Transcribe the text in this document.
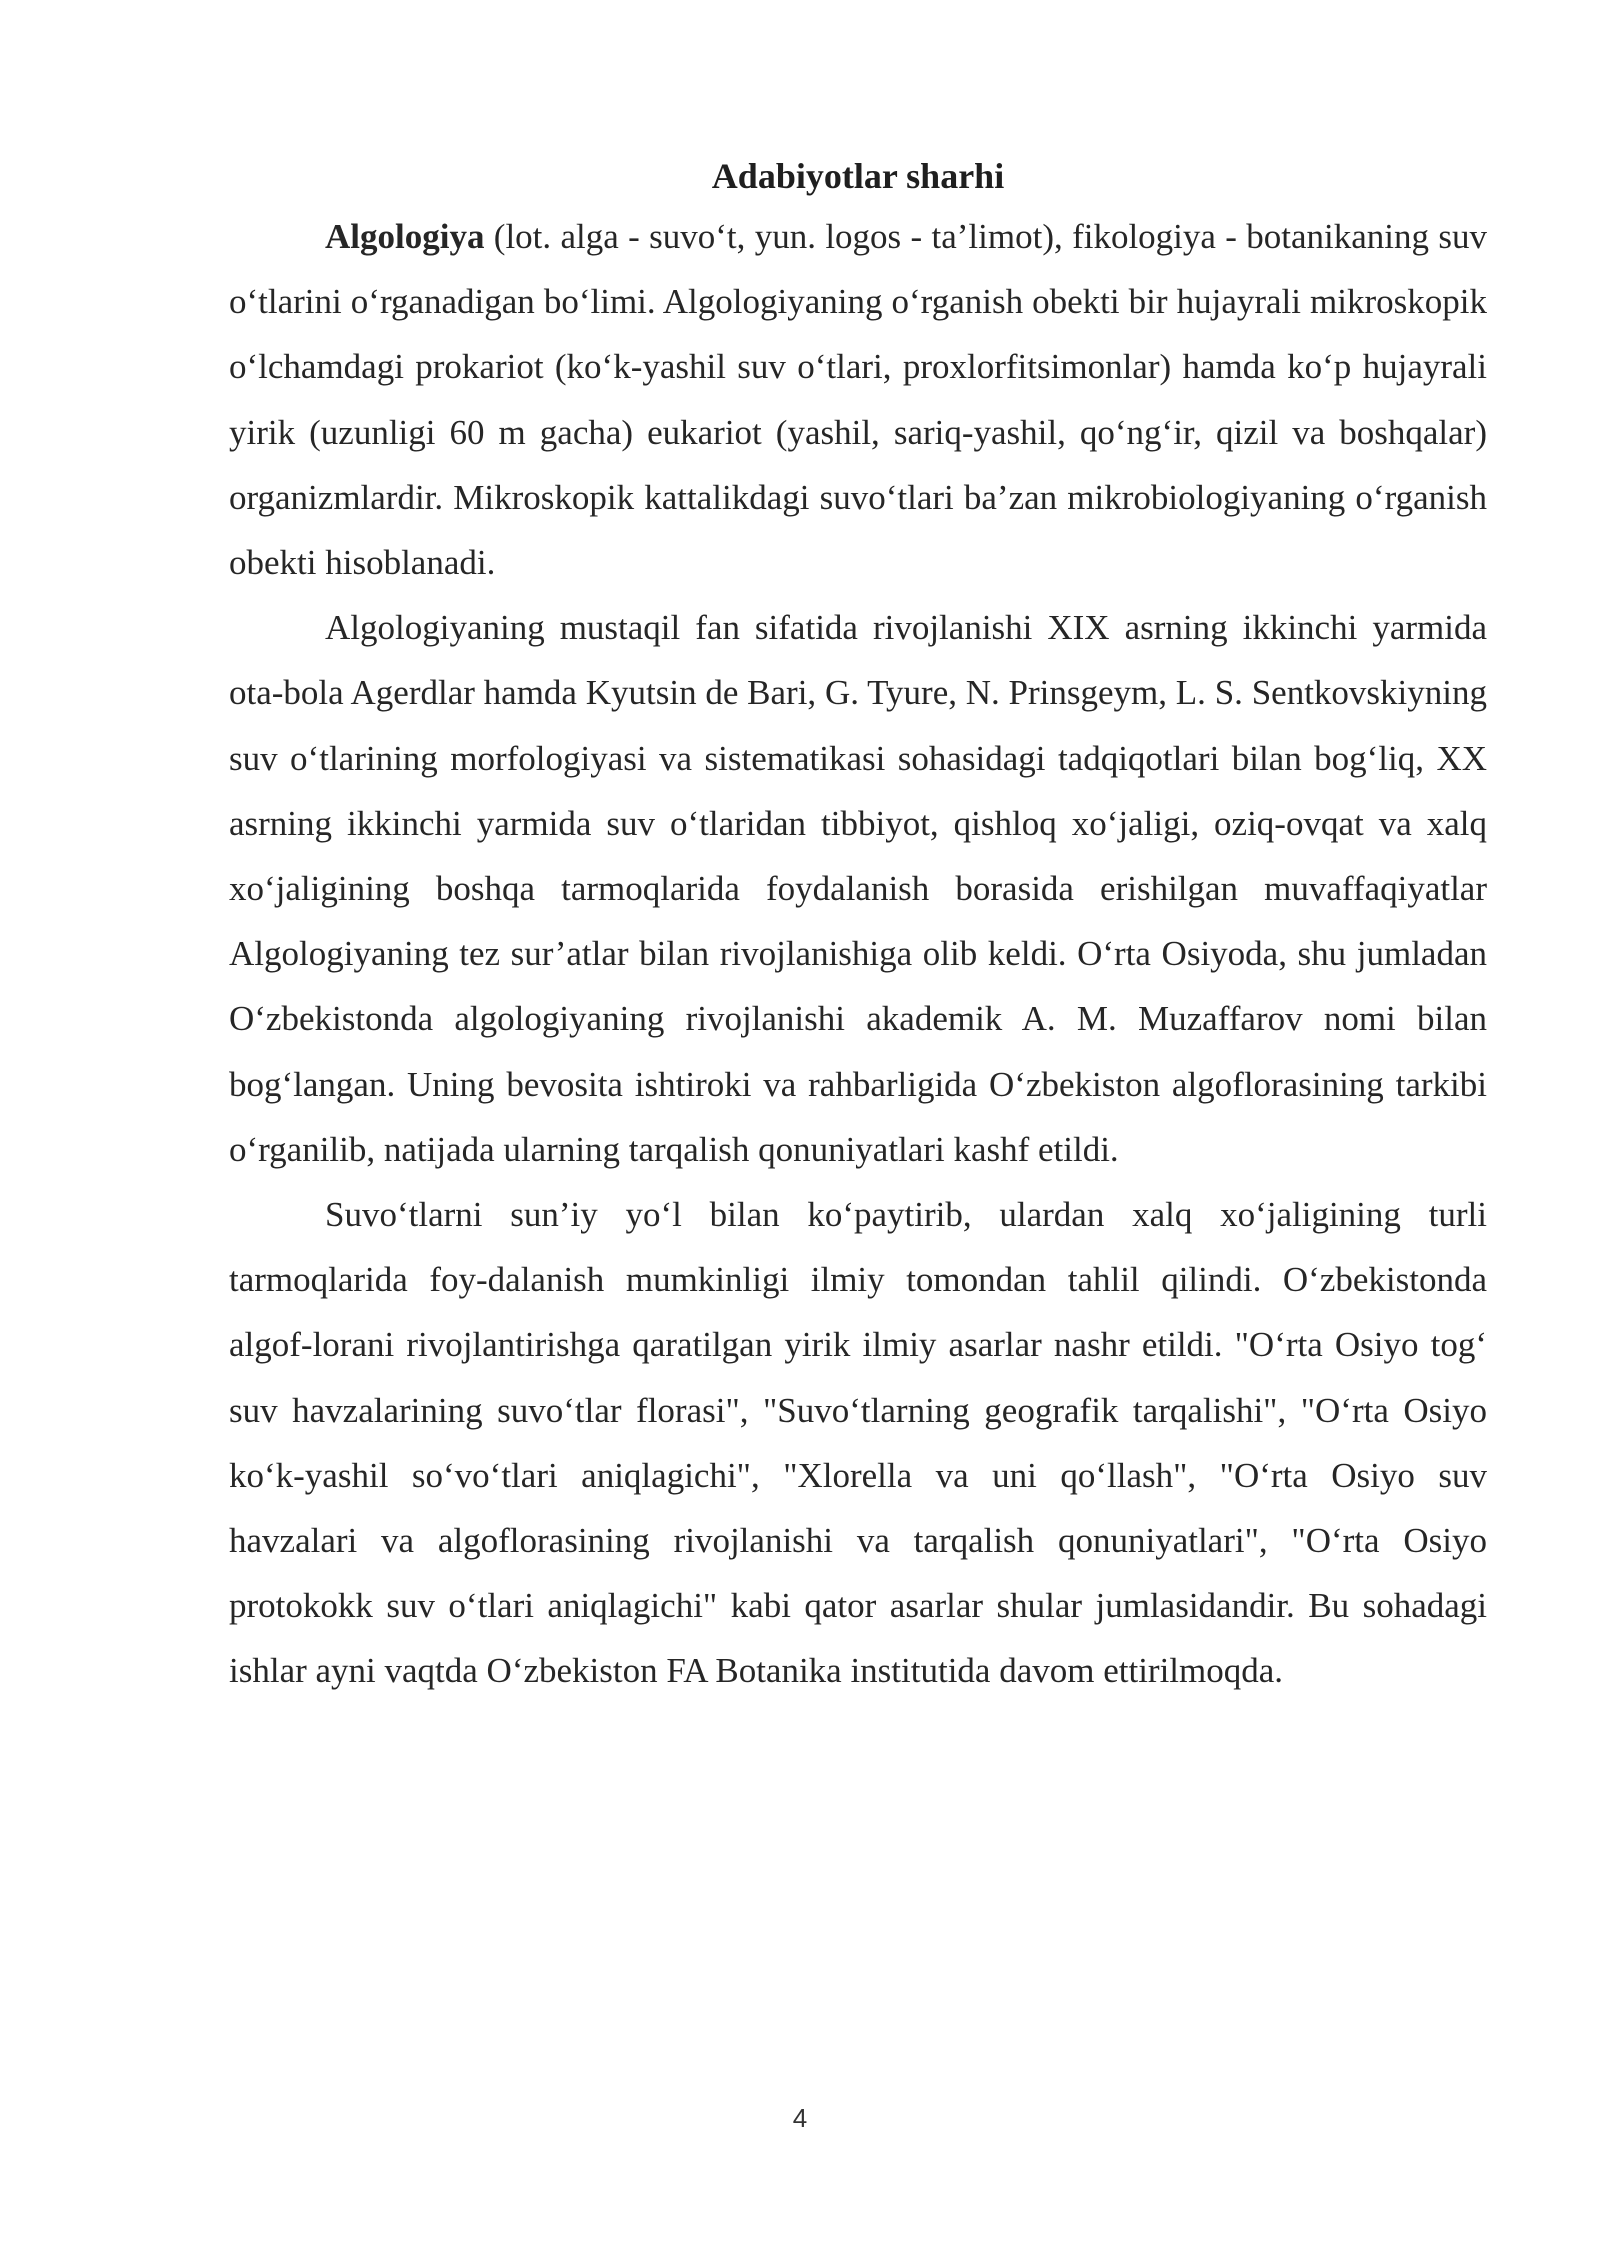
Adabiyotlar sharhi

Algologiya (lot. alga - suvo‘t, yun. logos - ta’limot), fikologiya - botanikaning suv o‘tlarini o‘rganadigan bo‘limi. Algologiyaning o‘rganish obekti bir hujayrali mikroskopik o‘lchamdagi prokariot (ko‘k-yashil suv o‘tlari, proxlorfitsimonlar) hamda ko‘p hujayrali yirik (uzunligi 60 m gacha) eukariot (yashil, sariq-yashil, qo‘ng‘ir, qizil va boshqalar) organizmlardir. Mikroskopik kattalikdagi suvo‘tlari ba’zan mikrobiologiyaning o‘rganish obekti hisoblanadi.

Algologiyaning mustaqil fan sifatida rivojlanishi XIX asrning ikkinchi yarmida ota-bola Agerdlar hamda Kyutsin de Bari, G. Tyure, N. Prinsgeym, L. S. Sentkovskiyning suv o‘tlarining morfologiyasi va sistematikasi sohasidagi tadqiqotlari bilan bog‘liq, XX asrning ikkinchi yarmida suv o‘tlaridan tibbiyot, qishloq xo‘jaligi, oziq-ovqat va xalq xo‘jaligining boshqa tarmoqlarida foydalanish borasida erishilgan muvaffaqiyatlar Algologiyaning tez sur’atlar bilan rivojlanishiga olib keldi. O‘rta Osiyoda, shu jumladan O‘zbekistonda algologiyaning rivojlanishi akademik A. M. Muzaffarov nomi bilan bog‘langan. Uning bevosita ishtiroki va rahbarligida O‘zbekiston algoflorasining tarkibi o‘rganilib, natijada ularning tarqalish qonuniyatlari kashf etildi.

Suvo‘tlarni sun’iy yo‘l bilan ko‘paytirib, ulardan xalq xo‘jaligining turli tarmoqlarida foy-dalanish mumkinligi ilmiy tomondan tahlil qilindi. O‘zbekistonda algof-lorani rivojlantirishga qaratilgan yirik ilmiy asarlar nashr etildi. "O‘rta Osiyo tog‘ suv havzalarining suvo‘tlar florasi", "Suvo‘tlarning geografik tarqalishi", "O‘rta Osiyo ko‘k-yashil so‘vo‘tlari aniqlagichi", "Xlorella va uni qo‘llash", "O‘rta Osiyo suv havzalari va algoflorasining rivojlanishi va tarqalish qonuniyatlari", "O‘rta Osiyo protokokk suv o‘tlari aniqlagichi" kabi qator asarlar shular jumlasidandir. Bu sohadagi ishlar ayni vaqtda O‘zbekiston FA Botanika institutida davom ettirilmoqda.

4
